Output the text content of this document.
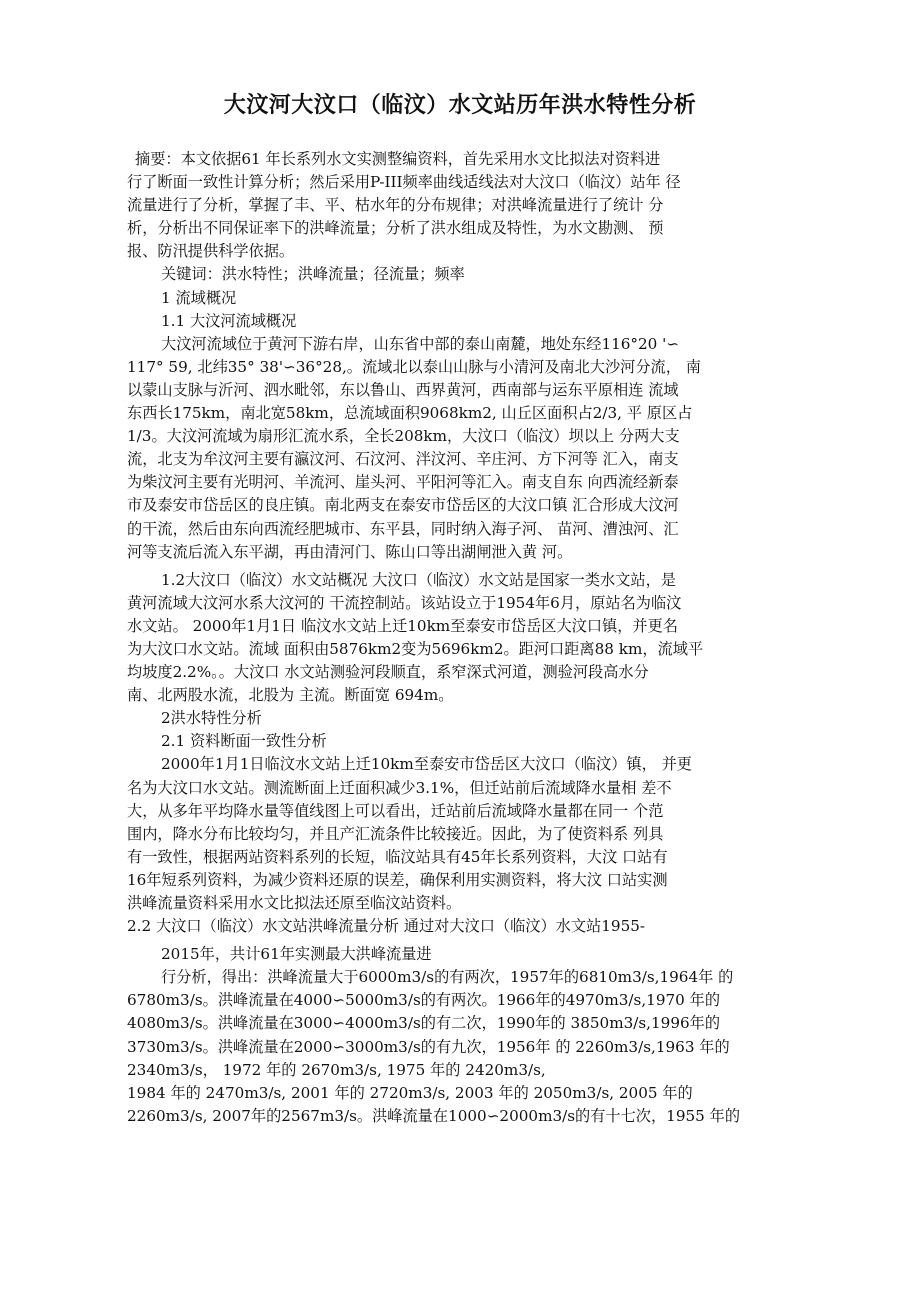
大汶河大汶口（临汶）水文站历年洪水特性分析
摘要：本文依据61 年长系列水文实测整编资料，首先采用水文比拟法对资料进
行了断面一致性计算分析；然后采用P-III频率曲线适线法对大汶口（临汶）站年 径
流量进行了分析，掌握了丰、平、枯水年的分布规律；对洪峰流量进行了统计 分
析，分析出不同保证率下的洪峰流量；分析了洪水组成及特性，为水文勘测、 预
报、防汛提供科学依据。
关键词：洪水特性；洪峰流量；径流量；频率
1 流域概况
1.1 大汶河流域概况
大汶河流域位于黄河下游右岸，山东省中部的泰山南麓，地处东经116°20 '∽
117° 59, 北纬35° 38'∽36°28,。流域北以泰山山脉与小清河及南北大沙河分流， 南
以蒙山支脉与沂河、泗水毗邻，东以鲁山、西界黄河，西南部与运东平原相连 流域
东西长175km，南北宽58km，总流域面积9068km2, 山丘区面积占2/3, 平 原区占
1/3。大汶河流域为扇形汇流水系，全长208km，大汶口（临汶）坝以上 分两大支
流，北支为牟汶河主要有瀛汶河、石汶河、泮汶河、辛庄河、方下河等 汇入，南支
为柴汶河主要有光明河、羊流河、崖头河、平阳河等汇入。南支自东 向西流经新泰
市及泰安市岱岳区的良庄镇。南北两支在泰安市岱岳区的大汶口镇 汇合形成大汶河
的干流，然后由东向西流经肥城市、东平县，同时纳入海子河、 苗河、漕浊河、汇
河等支流后流入东平湖，再由清河门、陈山口等出湖闸泄入黄 河。
1.2大汶口（临汶）水文站概况 大汶口（临汶）水文站是国家一类水文站，是
黄河流域大汶河水系大汶河的 干流控制站。该站设立于1954年6月，原站名为临汶
水文站。 2000年1月1日 临汶水文站上迁10km至泰安市岱岳区大汶口镇，并更名
为大汶口水文站。流域 面积由5876km2变为5696km2。距河口距离88 km，流域平
均坡度2.2%。。大汶口 水文站测验河段顺直，系窄深式河道，测验河段高水分
南、北两股水流，北股为 主流。断面宽 694m。
2洪水特性分析
2.1 资料断面一致性分析
2000年1月1日临汶水文站上迁10km至泰安市岱岳区大汶口（临汶）镇， 并更
名为大汶口水文站。测流断面上迁面积减少3.1%，但迁站前后流域降水量相 差不
大，从多年平均降水量等值线图上可以看出，迁站前后流域降水量都在同一 个范
围内，降水分布比较均匀，并且产汇流条件比较接近。因此，为了使资料系 列具
有一致性，根据两站资料系列的长短，临汶站具有45年长系列资料，大汶 口站有
16年短系列资料，为减少资料还原的误差，确保利用实测资料，将大汶 口站实测
洪峰流量资料采用水文比拟法还原至临汶站资料。
2.2 大汶口（临汶）水文站洪峰流量分析 通过对大汶口（临汶）水文站1955-
2015年，共计61年实测最大洪峰流量进
行分析，得出：洪峰流量大于6000m3/s的有两次，1957年的6810m3/s,1964年 的
6780m3/s。洪峰流量在4000∽5000m3/s的有两次。1966年的4970m3/s,1970 年的
4080m3/s。洪峰流量在3000∽4000m3/s的有二次，1990年的 3850m3/s,1996年的
3730m3/s。洪峰流量在2000∽3000m3/s的有九次，1956年 的 2260m3/s,1963 年的
2340m3/s， 1972 年的 2670m3/s, 1975 年的 2420m3/s,
1984 年的 2470m3/s, 2001 年的 2720m3/s, 2003 年的 2050m3/s, 2005 年的
2260m3/s, 2007年的2567m3/s。洪峰流量在1000∽2000m3/s的有十七次，1955 年的
